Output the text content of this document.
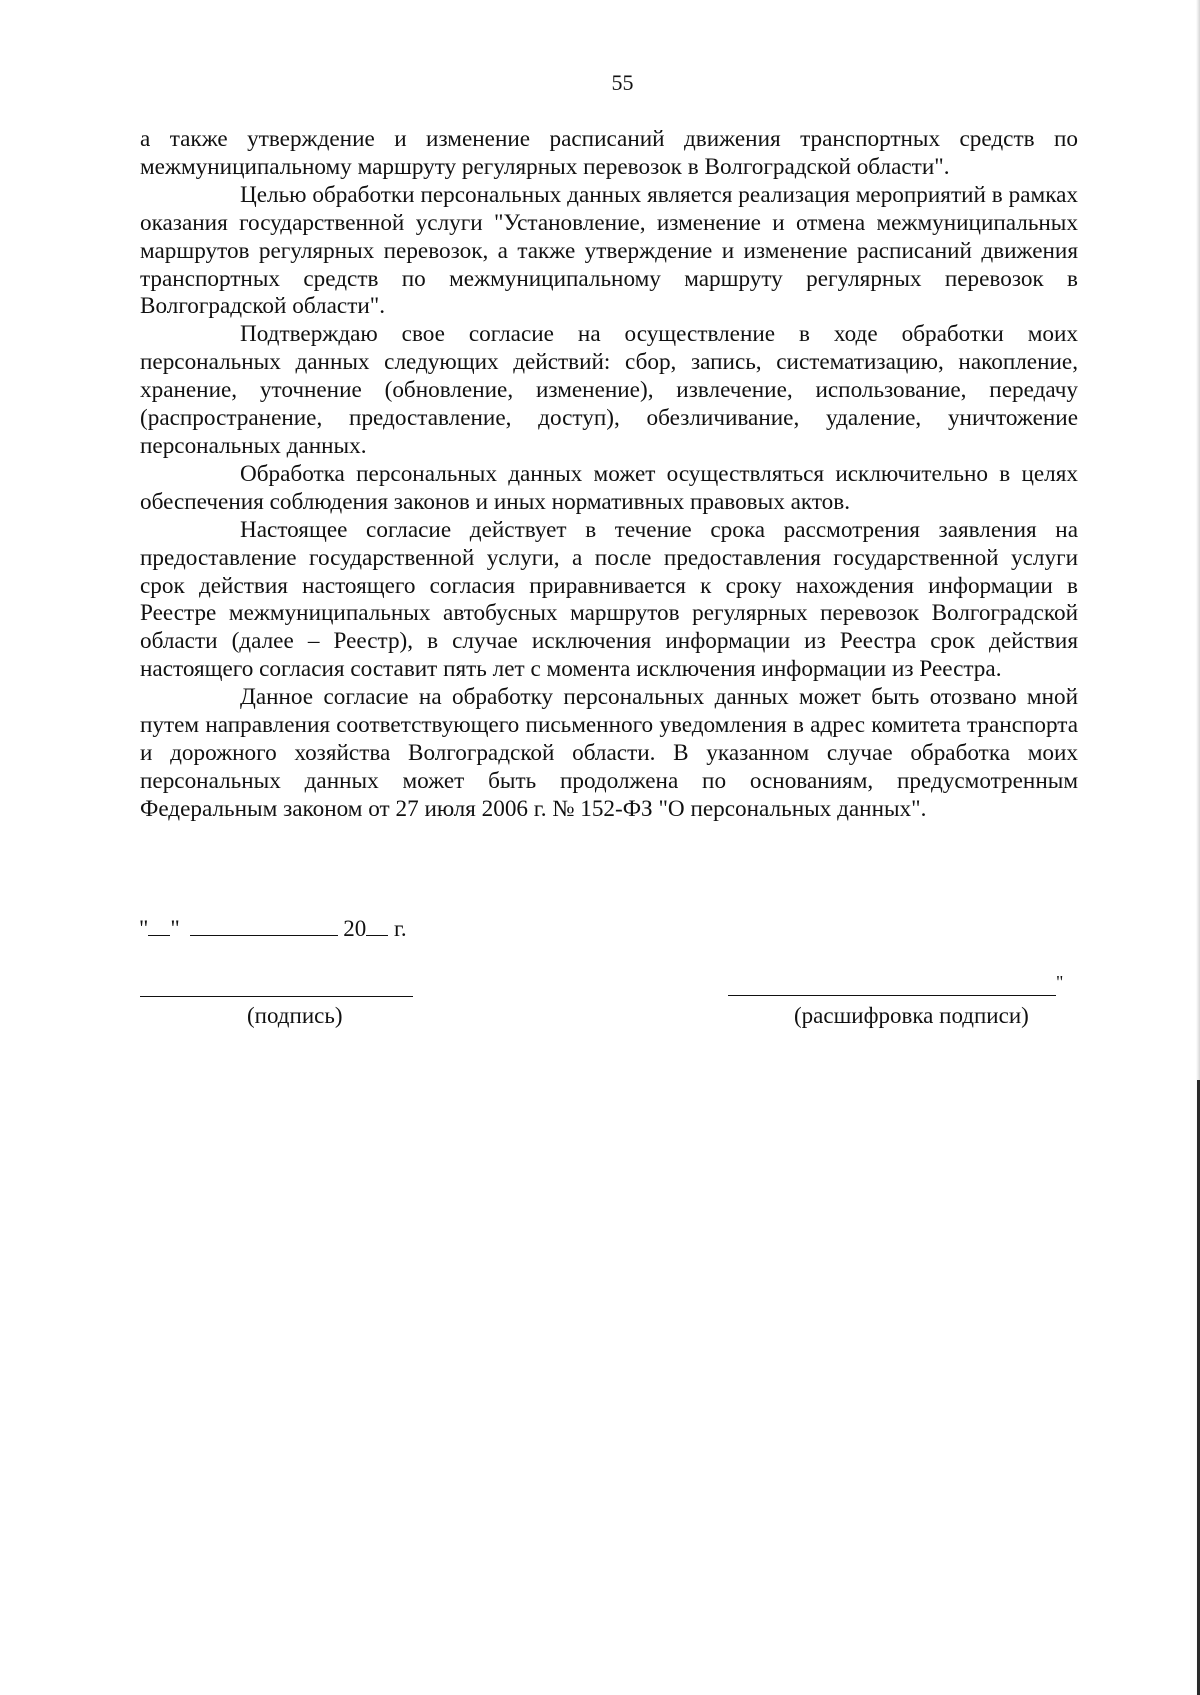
55

а также утверждение и изменение расписаний движения транспортных средств по межмуниципальному маршруту регулярных перевозок в Волгоградской области".

Целью обработки персональных данных является реализация мероприятий в рамках оказания государственной услуги "Установление, изменение и отмена межмуниципальных маршрутов регулярных перевозок, а также утверждение и изменение расписаний движения транспортных средств по межмуниципальному маршруту регулярных перевозок в Волгоградской области".

Подтверждаю свое согласие на осуществление в ходе обработки моих персональных данных следующих действий: сбор, запись, систематизацию, накопление, хранение, уточнение (обновление, изменение), извлечение, использование, передачу (распространение, предоставление, доступ), обезличивание, удаление, уничтожение персональных данных.

Обработка персональных данных может осуществляться исключительно в целях обеспечения соблюдения законов и иных нормативных правовых актов.

Настоящее согласие действует в течение срока рассмотрения заявления на предоставление государственной услуги, а после предоставления государственной услуги срок действия настоящего согласия приравнивается к сроку нахождения информации в Реестре межмуниципальных автобусных маршрутов регулярных перевозок Волгоградской области (далее – Реестр), в случае исключения информации из Реестра срок действия настоящего согласия составит пять лет с момента исключения информации из Реестра.

Данное согласие на обработку персональных данных может быть отозвано мной путем направления соответствующего письменного уведомления в адрес комитета транспорта и дорожного хозяйства Волгоградской области. В указанном случае обработка моих персональных данных может быть продолжена по основаниям, предусмотренным Федеральным законом от 27 июля 2006 г. № 152-ФЗ "О персональных данных".

" "	20 г.
(подпись)
"
(расшифровка подписи)
